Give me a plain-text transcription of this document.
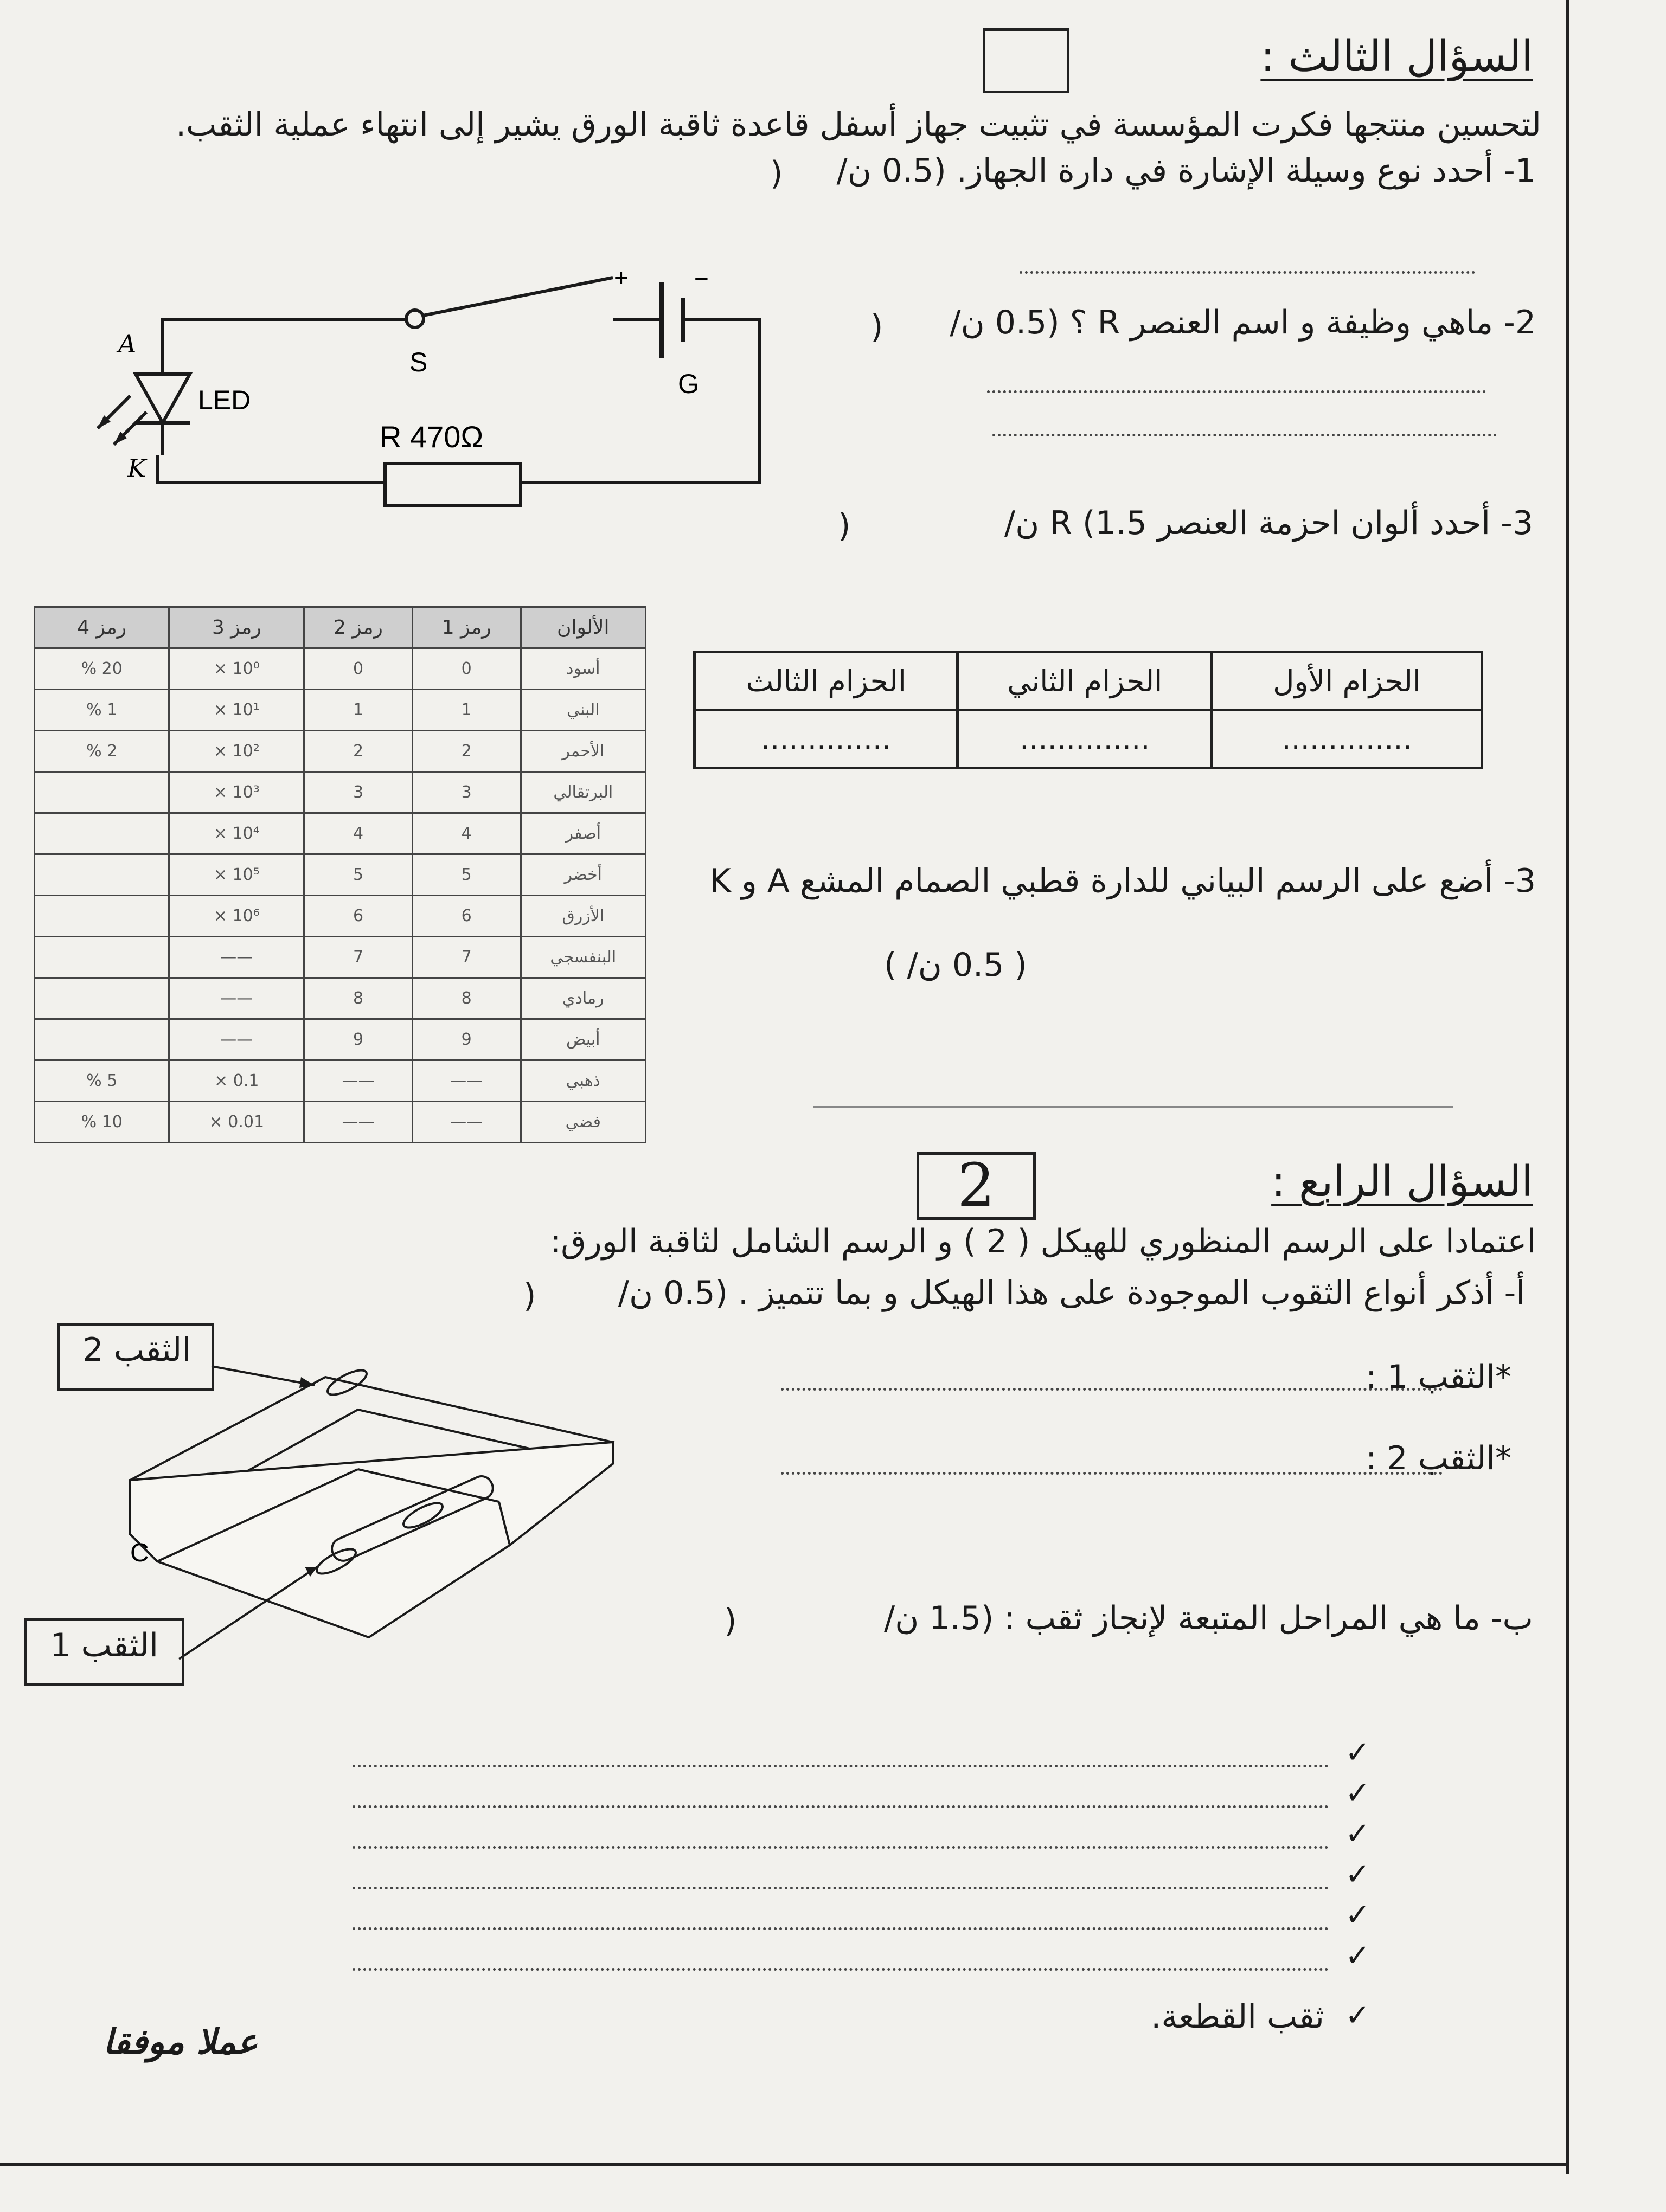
السؤال الثالث :
لتحسين منتجها فكرت المؤسسة في تثبيت جهاز أسفل قاعدة ثاقبة الورق يشير إلى انتهاء عملية الثقب.
1- أحدد نوع وسيلة الإشارة في دارة الجهاز. (0.5 ن/
(
2- ماهي وظيفة و اسم العنصر R ؟ (0.5 ن/
(
3- أحدد ألوان احزمة العنصر R (1.5 ن/
(
الحزام الأول	الحزام الثاني	الحزام الثالث
..............	..............	..............
3- أضع على الرسم البياني للدارة قطبي الصمام المشع A و K
( 0.5 ن/ )
LED
S
G
R 470Ω
+	−
A
K
الألوان	رمز 1	رمز 2	رمز 3	رمز 4
أسود	0	0	10⁰ ×	20 %
البني	1	1	10¹ ×	1 %
الأحمر	2	2	10² ×	2 %
البرتقالي	3	3	10³ ×	
أصفر	4	4	10⁴ ×	
أخضر	5	5	10⁵ ×	
الأزرق	6	6	10⁶ ×	
البنفسجي	7	7	——	
رمادي	8	8	——	
أبيض	9	9	——	
ذهبي	——	——	0.1 ×	5 %
فضي	——	——	0.01 ×	10 %
السؤال الرابع :
2
اعتمادا على الرسم المنظوري للهيكل ( 2 ) و الرسم الشامل لثاقبة الورق:
أ- أذكر أنواع الثقوب الموجودة على هذا الهيكل و بما تتميز . (0.5 ن/
(
*الثقب 1 :
*الثقب 2 :
ب- ما هي المراحل المتبعة لإنجاز ثقب : (1.5 ن/
(
✓
✓
✓
✓
✓
✓
✓
ثقب القطعة.
C
الثقب 2
الثقب 1
عملا موفقا
